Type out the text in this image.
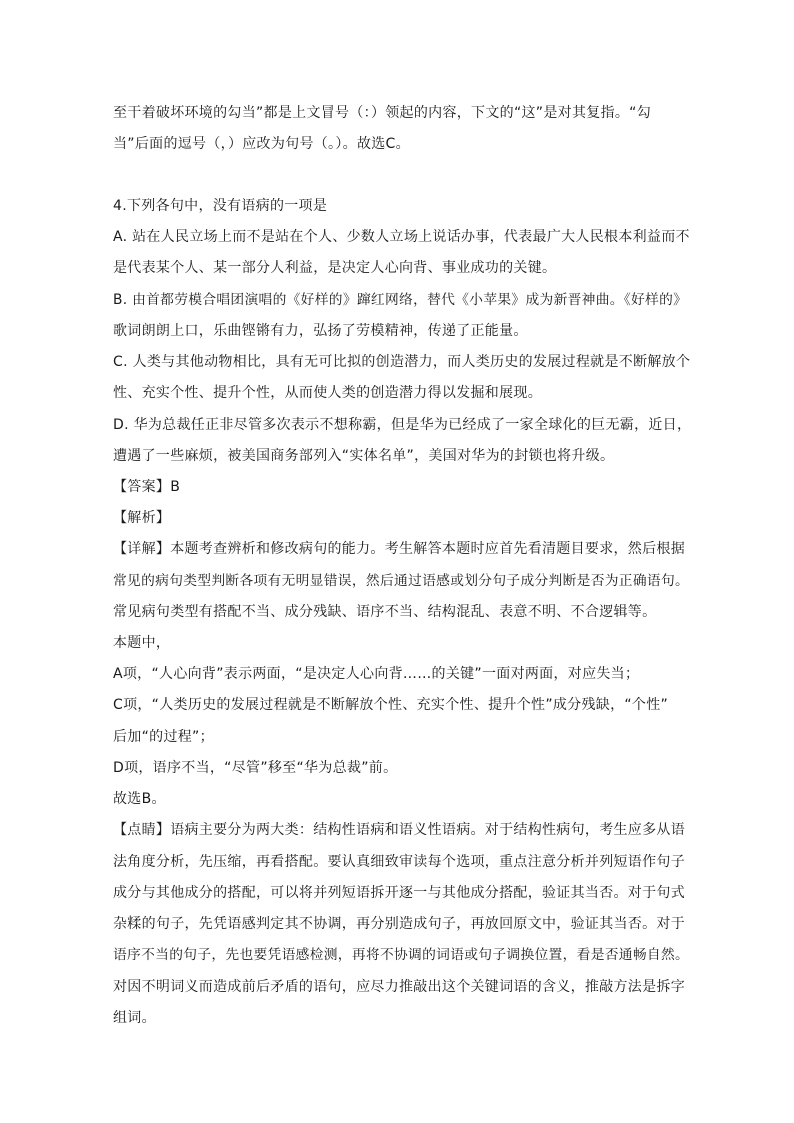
至干着破坏环境的勾当”都是上文冒号（：）领起的内容，下文的“这”是对其复指。“勾
当”后面的逗号（，）应改为句号（。）。故选C。
4.下列各句中，没有语病的一项是
A. 站在人民立场上而不是站在个人、少数人立场上说话办事，代表最广大人民根本利益而不
是代表某个人、某一部分人利益，是决定人心向背、事业成功的关键。
B. 由首都劳模合唱团演唱的《好样的》蹿红网络，替代《小苹果》成为新晋神曲。《好样的》
歌词朗朗上口，乐曲铿锵有力，弘扬了劳模精神，传递了正能量。
C. 人类与其他动物相比，具有无可比拟的创造潜力，而人类历史的发展过程就是不断解放个
性、充实个性、提升个性，从而使人类的创造潜力得以发掘和展现。
D. 华为总裁任正非尽管多次表示不想称霸，但是华为已经成了一家全球化的巨无霸，近日，
遭遇了一些麻烦，被美国商务部列入“实体名单”，美国对华为的封锁也将升级。
【答案】B
【解析】
【详解】本题考查辨析和修改病句的能力。考生解答本题时应首先看清题目要求，然后根据
常见的病句类型判断各项有无明显错误，然后通过语感或划分句子成分判断是否为正确语句。
常见病句类型有搭配不当、成分残缺、语序不当、结构混乱、表意不明、不合逻辑等。
本题中，
A项，“人心向背”表示两面，“是决定人心向背……的关键”一面对两面，对应失当；
C项，“人类历史的发展过程就是不断解放个性、充实个性、提升个性”成分残缺，“个性”
后加“的过程”；
D项，语序不当，“尽管”移至“华为总裁”前。
故选B。
【点睛】语病主要分为两大类：结构性语病和语义性语病。对于结构性病句，考生应多从语
法角度分析，先压缩，再看搭配。要认真细致审读每个选项，重点注意分析并列短语作句子
成分与其他成分的搭配，可以将并列短语拆开逐一与其他成分搭配，验证其当否。对于句式
杂糅的句子，先凭语感判定其不协调，再分别造成句子，再放回原文中，验证其当否。对于
语序不当的句子，先也要凭语感检测，再将不协调的词语或句子调换位置，看是否通畅自然。
对因不明词义而造成前后矛盾的语句，应尽力推敲出这个关键词语的含义，推敲方法是拆字
组词。
